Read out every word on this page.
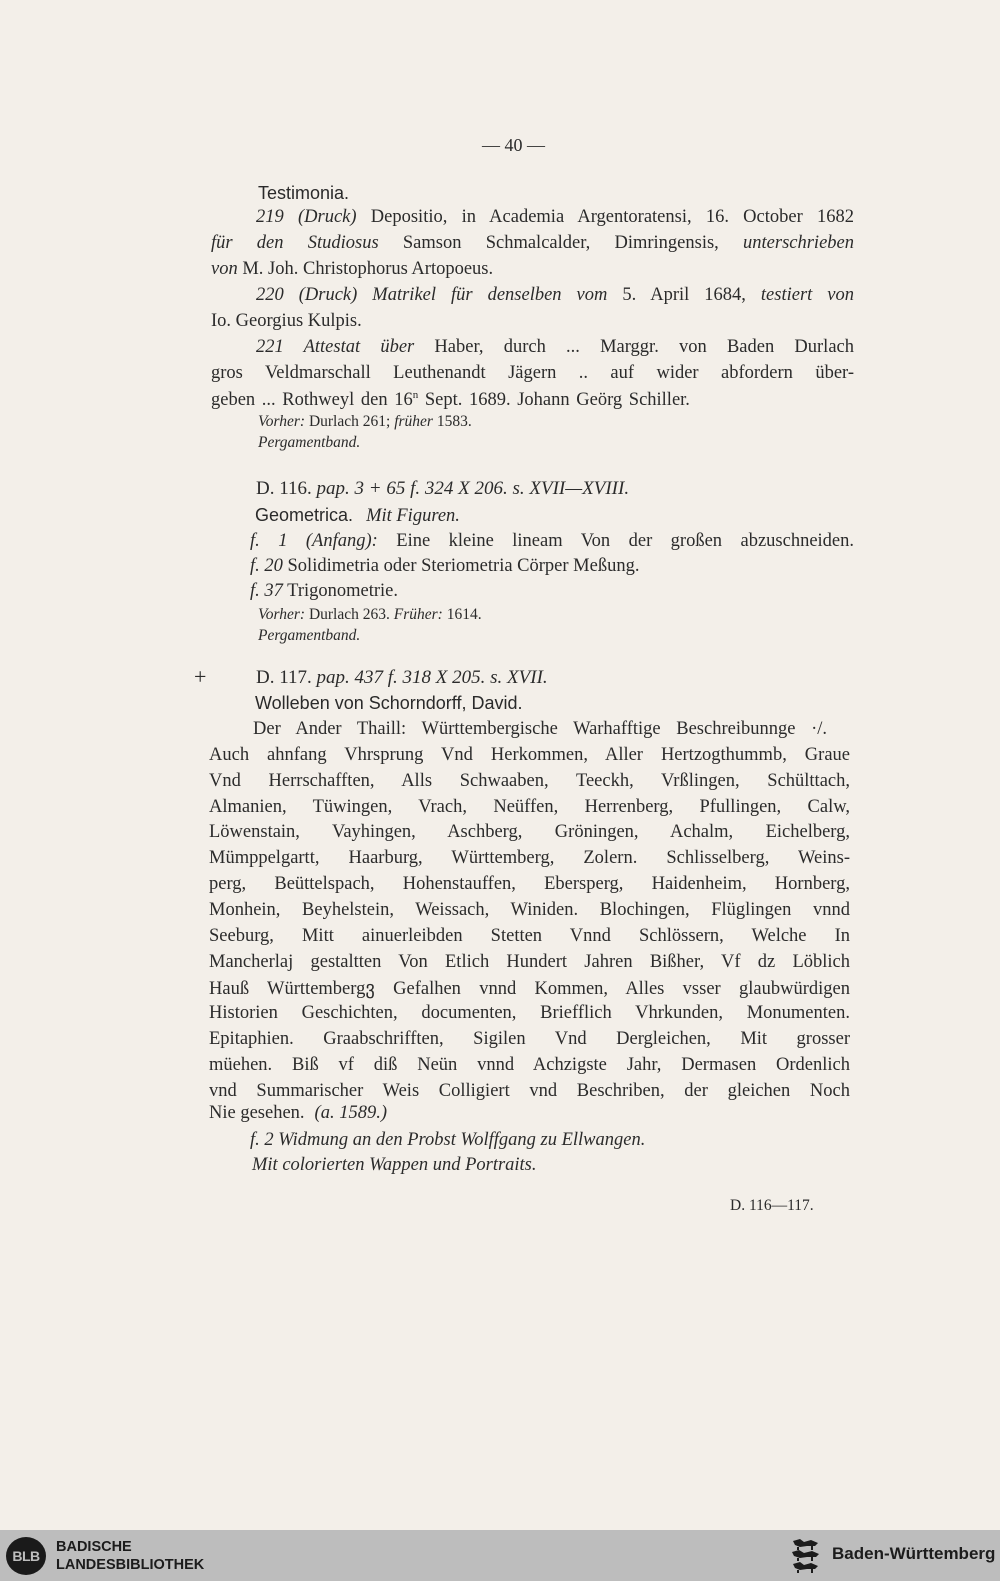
— 40 —
Testimonia.
219 (Druck) Depositio, in Academia Argentoratensi, 16. October 1682
für den Studiosus Samson Schmalcalder, Dimringensis, unterschrieben
von M. Joh. Christophorus Artopoeus.
220 (Druck) Matrikel für denselben vom 5. April 1684, testiert von
Io. Georgius Kulpis.
221 Attestat über Haber, durch ... Marggr. von Baden Durlach
gros Veldmarschall Leuthenandt Jägern .. auf wider abfordern über-
geben ... Rothweyl den 16$^n$ Sept. 1689. Johann Geörg Schiller.
Vorher: Durlach 261; früher 1583.
Pergamentband.
D. 116. pap. 3 + 65 f. 324 X 206. s. XVII—XVIII.
Geometrica. Mit Figuren.
f. 1 (Anfang): Eine kleine lineam Von der großen abzuschneiden.
f. 20 Solidimetria oder Steriometria Cörper Meßung.
f. 37 Trigonometrie.
Vorher: Durlach 263. Früher: 1614.
Pergamentband.
+	D. 117. pap. 437 f. 318 X 205. s. XVII.
Wolleben von Schorndorff, David.
Der Ander Thaill: Württembergische Warhafftige Beschreibunnge ·/.
Auch ahnfang Vhrsprung Vnd Herkommen, Aller Hertzogthummb, Graue
Vnd Herrschafften, Alls Schwaaben, Teeckh, Vrßlingen, Schülttach,
Almanien, Tüwingen, Vrach, Neüffen, Herrenberg, Pfullingen, Calw,
Löwenstain, Vayhingen, Aschberg, Gröningen, Achalm, Eichelberg,
Mümppelgartt, Haarburg, Württemberg, Zolern. Schlisselberg, Weins-
perg, Beüttelspach, Hohenstauffen, Ebersperg, Haidenheim, Hornberg,
Monhein, Beyhelstein, Weissach, Winiden. Blochingen, Flüglingen vnnd
Seeburg, Mitt ainuerleibden Stetten Vnnd Schlössern, Welche In
Mancherlaj gestaltten Von Etlich Hundert Jahren Bißher, Vf dz Löblich
Hauß Württembergვ Gefalhen vnnd Kommen, Alles vsser glaubwürdigen
Historien Geschichten, documenten, Briefflich Vhrkunden, Monumenten.
Epitaphien. Graabschrifften, Sigilen Vnd Dergleichen, Mit grosser
müehen. Biß vf diß Neün vnnd Achzigste Jahr, Dermasen Ordenlich
vnd Summarischer Weis Colligiert vnd Beschriben, der gleichen Noch
Nie gesehen. (a. 1589.)
f. 2 Widmung an den Probst Wolffgang zu Ellwangen.
Mit colorierten Wappen und Portraits.
D. 116—117.
BLB
BADISCHE
LANDESBIBLIOTHEK
Baden-Württemberg
